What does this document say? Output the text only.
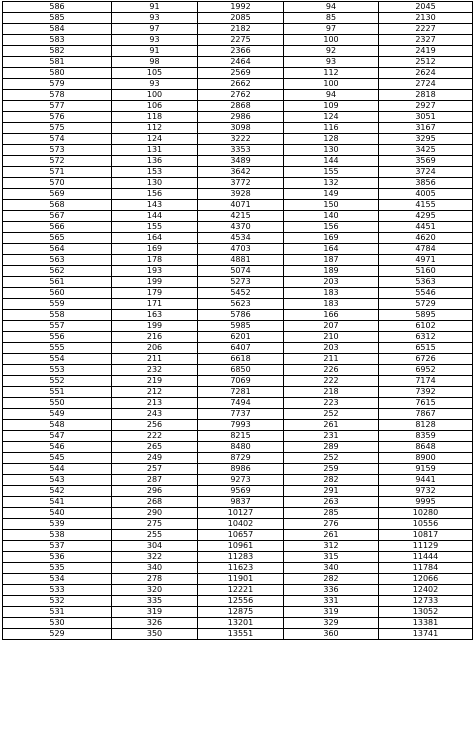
586	91	1992	94	2045
585	93	2085	85	2130
584	97	2182	97	2227
583	93	2275	100	2327
582	91	2366	92	2419
581	98	2464	93	2512
580	105	2569	112	2624
579	93	2662	100	2724
578	100	2762	94	2818
577	106	2868	109	2927
576	118	2986	124	3051
575	112	3098	116	3167
574	124	3222	128	3295
573	131	3353	130	3425
572	136	3489	144	3569
571	153	3642	155	3724
570	130	3772	132	3856
569	156	3928	149	4005
568	143	4071	150	4155
567	144	4215	140	4295
566	155	4370	156	4451
565	164	4534	169	4620
564	169	4703	164	4784
563	178	4881	187	4971
562	193	5074	189	5160
561	199	5273	203	5363
560	179	5452	183	5546
559	171	5623	183	5729
558	163	5786	166	5895
557	199	5985	207	6102
556	216	6201	210	6312
555	206	6407	203	6515
554	211	6618	211	6726
553	232	6850	226	6952
552	219	7069	222	7174
551	212	7281	218	7392
550	213	7494	223	7615
549	243	7737	252	7867
548	256	7993	261	8128
547	222	8215	231	8359
546	265	8480	289	8648
545	249	8729	252	8900
544	257	8986	259	9159
543	287	9273	282	9441
542	296	9569	291	9732
541	268	9837	263	9995
540	290	10127	285	10280
539	275	10402	276	10556
538	255	10657	261	10817
537	304	10961	312	11129
536	322	11283	315	11444
535	340	11623	340	11784
534	278	11901	282	12066
533	320	12221	336	12402
532	335	12556	331	12733
531	319	12875	319	13052
530	326	13201	329	13381
529	350	13551	360	13741
